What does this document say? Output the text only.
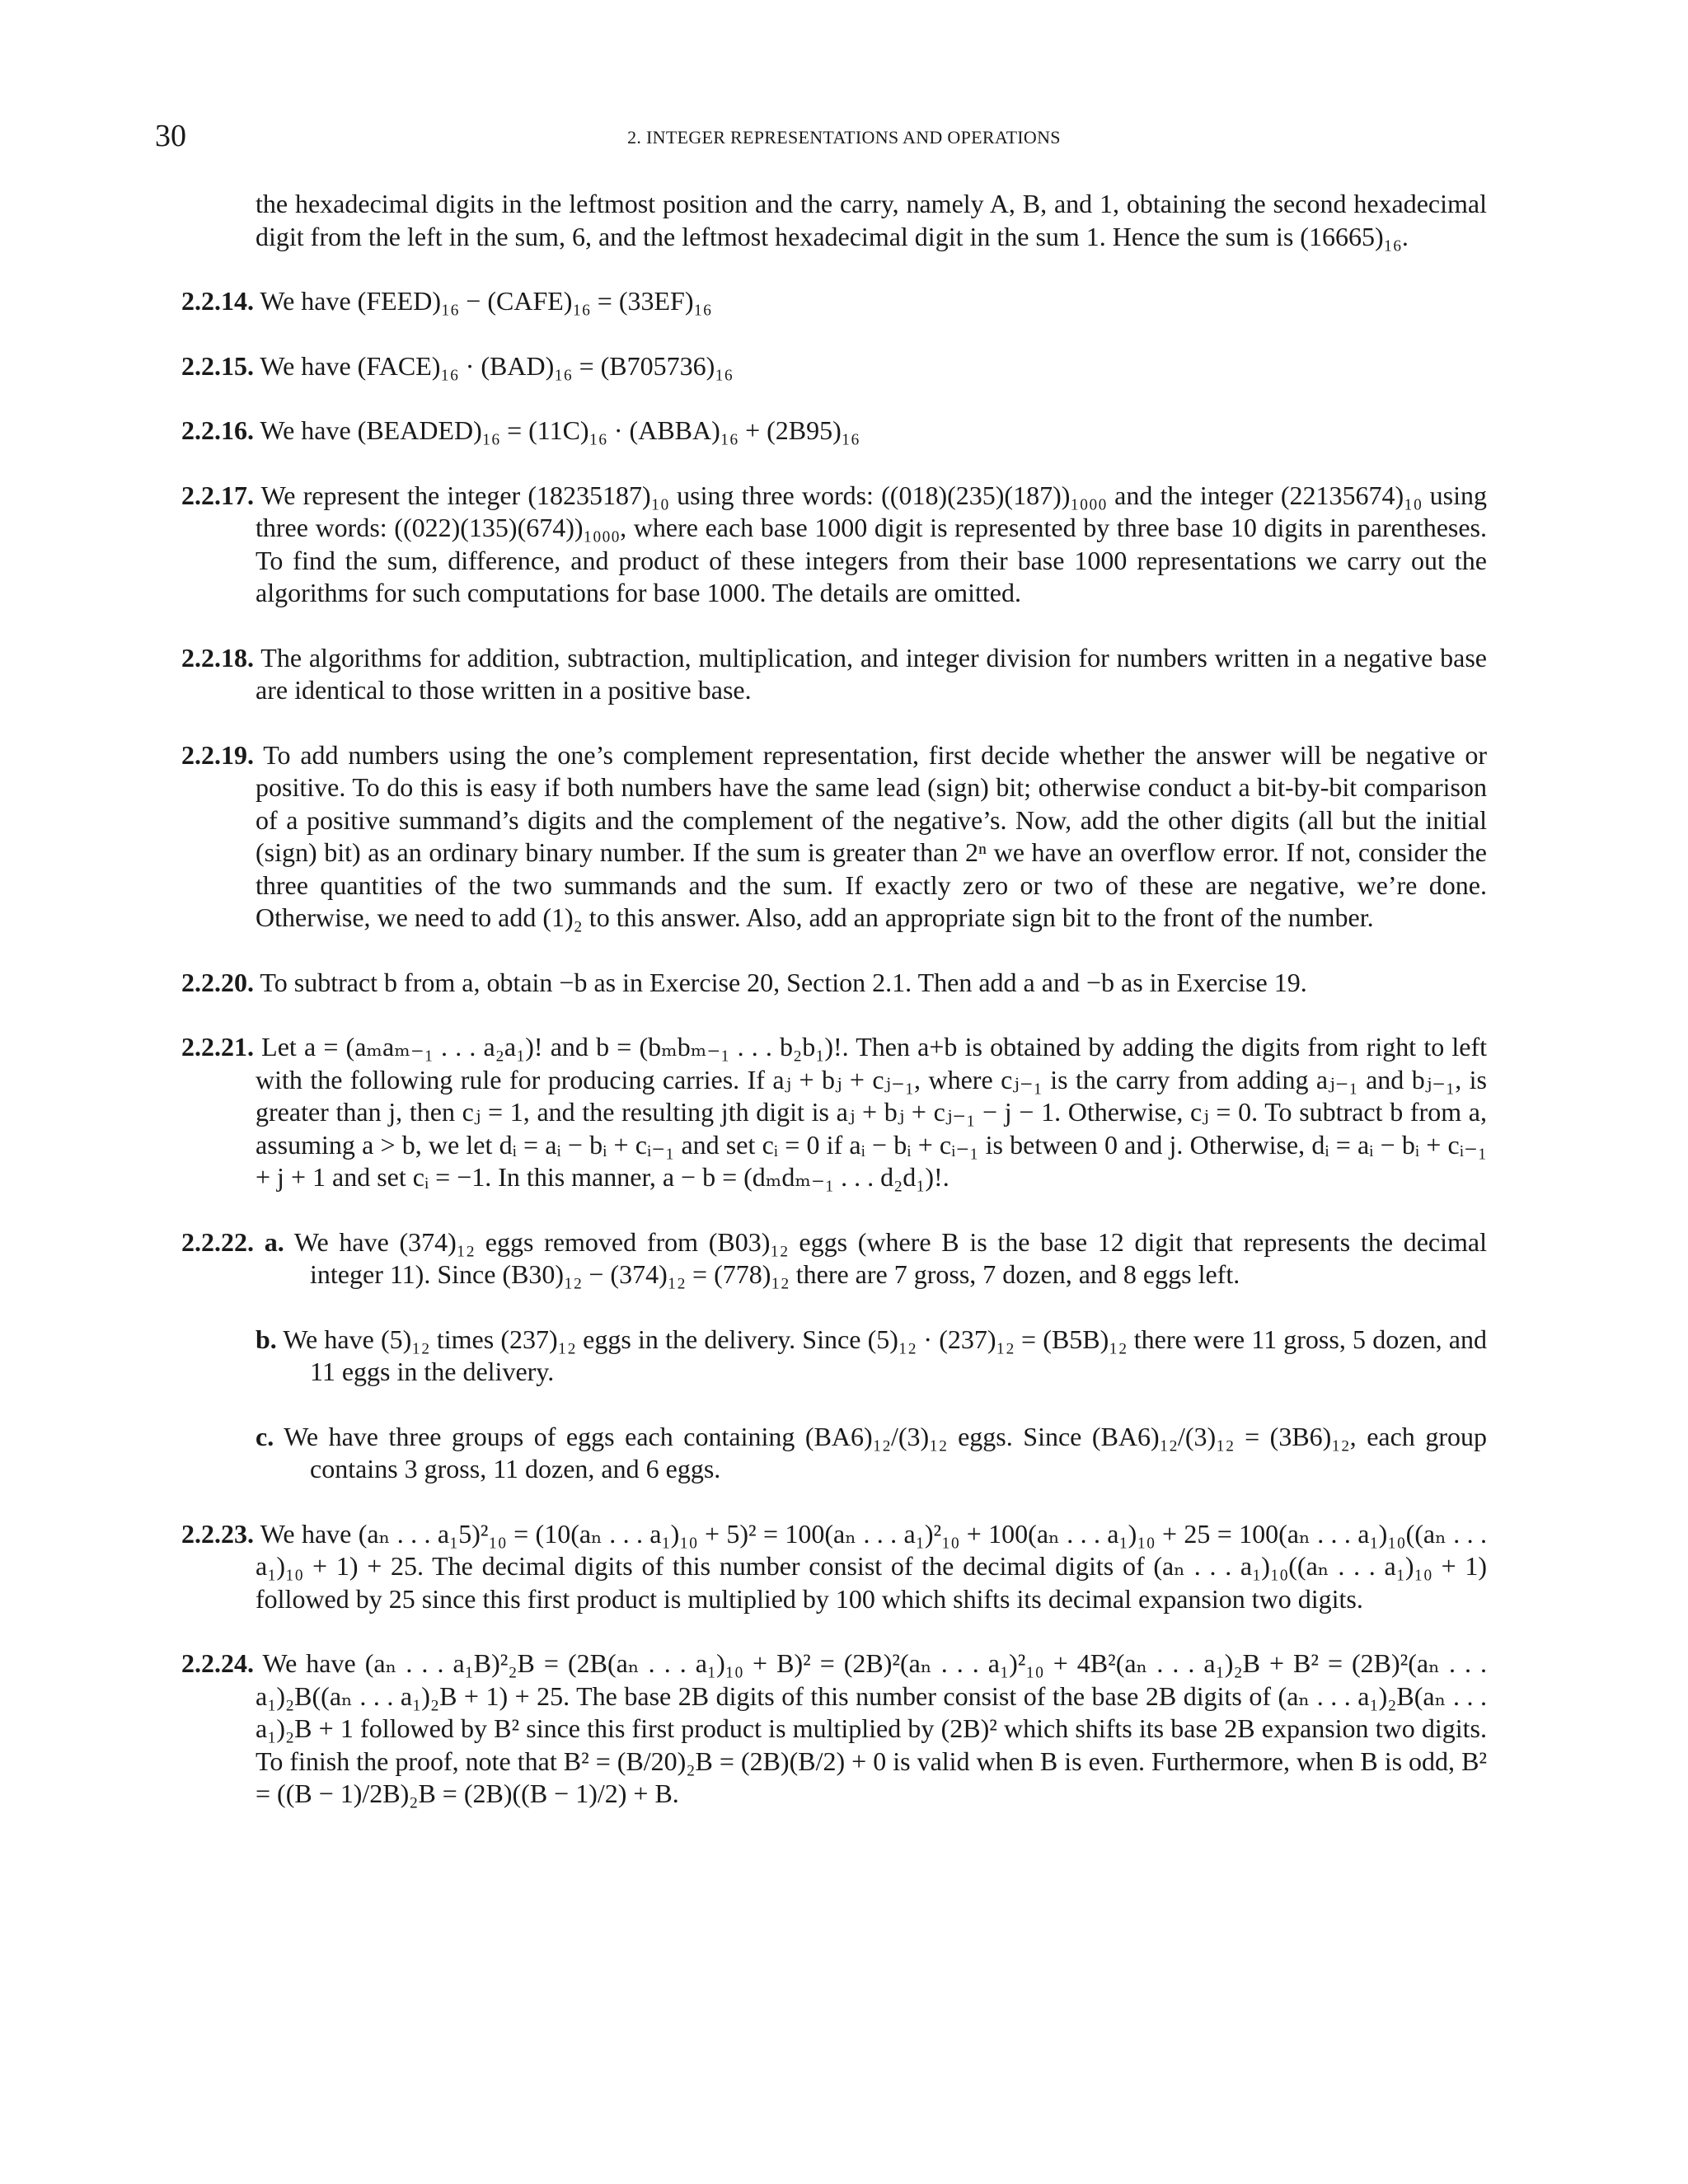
30	2. INTEGER REPRESENTATIONS AND OPERATIONS

the hexadecimal digits in the leftmost position and the carry, namely A, B, and 1, obtaining the second hexadecimal digit from the left in the sum, 6, and the leftmost hexadecimal digit in the sum 1. Hence the sum is (16665)₁₆.

2.2.14. We have (FEED)₁₆ − (CAFE)₁₆ = (33EF)₁₆

2.2.15. We have (FACE)₁₆ · (BAD)₁₆ = (B705736)₁₆

2.2.16. We have (BEADED)₁₆ = (11C)₁₆ · (ABBA)₁₆ + (2B95)₁₆

2.2.17. We represent the integer (18235187)₁₀ using three words: ((018)(235)(187))₁₀₀₀ and the integer (22135674)₁₀ using three words: ((022)(135)(674))₁₀₀₀, where each base 1000 digit is represented by three base 10 digits in parentheses. To find the sum, difference, and product of these integers from their base 1000 representations we carry out the algorithms for such computations for base 1000. The details are omitted.

2.2.18. The algorithms for addition, subtraction, multiplication, and integer division for numbers written in a negative base are identical to those written in a positive base.

2.2.19. To add numbers using the one’s complement representation, first decide whether the answer will be negative or positive. To do this is easy if both numbers have the same lead (sign) bit; otherwise conduct a bit-by-bit comparison of a positive summand’s digits and the complement of the negative’s. Now, add the other digits (all but the initial (sign) bit) as an ordinary binary number. If the sum is greater than 2ⁿ we have an overflow error. If not, consider the three quantities of the two summands and the sum. If exactly zero or two of these are negative, we’re done. Otherwise, we need to add (1)₂ to this answer. Also, add an appropriate sign bit to the front of the number.

2.2.20. To subtract b from a, obtain −b as in Exercise 20, Section 2.1. Then add a and −b as in Exercise 19.

2.2.21. Let a = (aₘaₘ₋₁ . . . a₂a₁)! and b = (bₘbₘ₋₁ . . . b₂b₁)!. Then a+b is obtained by adding the digits from right to left with the following rule for producing carries. If aⱼ + bⱼ + cⱼ₋₁, where cⱼ₋₁ is the carry from adding aⱼ₋₁ and bⱼ₋₁, is greater than j, then cⱼ = 1, and the resulting jth digit is aⱼ + bⱼ + cⱼ₋₁ − j − 1. Otherwise, cⱼ = 0. To subtract b from a, assuming a > b, we let dᵢ = aᵢ − bᵢ + cᵢ₋₁ and set cᵢ = 0 if aᵢ − bᵢ + cᵢ₋₁ is between 0 and j. Otherwise, dᵢ = aᵢ − bᵢ + cᵢ₋₁ + j + 1 and set cᵢ = −1. In this manner, a − b = (dₘdₘ₋₁ . . . d₂d₁)!.

2.2.22. a. We have (374)₁₂ eggs removed from (B03)₁₂ eggs (where B is the base 12 digit that represents the decimal integer 11). Since (B30)₁₂ − (374)₁₂ = (778)₁₂ there are 7 gross, 7 dozen, and 8 eggs left.

b. We have (5)₁₂ times (237)₁₂ eggs in the delivery. Since (5)₁₂ · (237)₁₂ = (B5B)₁₂ there were 11 gross, 5 dozen, and 11 eggs in the delivery.

c. We have three groups of eggs each containing (BA6)₁₂/(3)₁₂ eggs. Since (BA6)₁₂/(3)₁₂ = (3B6)₁₂, each group contains 3 gross, 11 dozen, and 6 eggs.

2.2.23. We have (aₙ . . . a₁5)²₁₀ = (10(aₙ . . . a₁)₁₀ + 5)² = 100(aₙ . . . a₁)²₁₀ + 100(aₙ . . . a₁)₁₀ + 25 = 100(aₙ . . . a₁)₁₀((aₙ . . . a₁)₁₀ + 1) + 25. The decimal digits of this number consist of the decimal digits of (aₙ . . . a₁)₁₀((aₙ . . . a₁)₁₀ + 1) followed by 25 since this first product is multiplied by 100 which shifts its decimal expansion two digits.

2.2.24. We have (aₙ . . . a₁B)²₂B = (2B(aₙ . . . a₁)₁₀ + B)² = (2B)²(aₙ . . . a₁)²₁₀ + 4B²(aₙ . . . a₁)₂B + B² = (2B)²(aₙ . . . a₁)₂B((aₙ . . . a₁)₂B + 1) + 25. The base 2B digits of this number consist of the base 2B digits of (aₙ . . . a₁)₂B(aₙ . . . a₁)₂B + 1 followed by B² since this first product is multiplied by (2B)² which shifts its base 2B expansion two digits. To finish the proof, note that B² = (B/20)₂B = (2B)(B/2) + 0 is valid when B is even. Furthermore, when B is odd, B² = ((B − 1)/2B)₂B = (2B)((B − 1)/2) + B.
